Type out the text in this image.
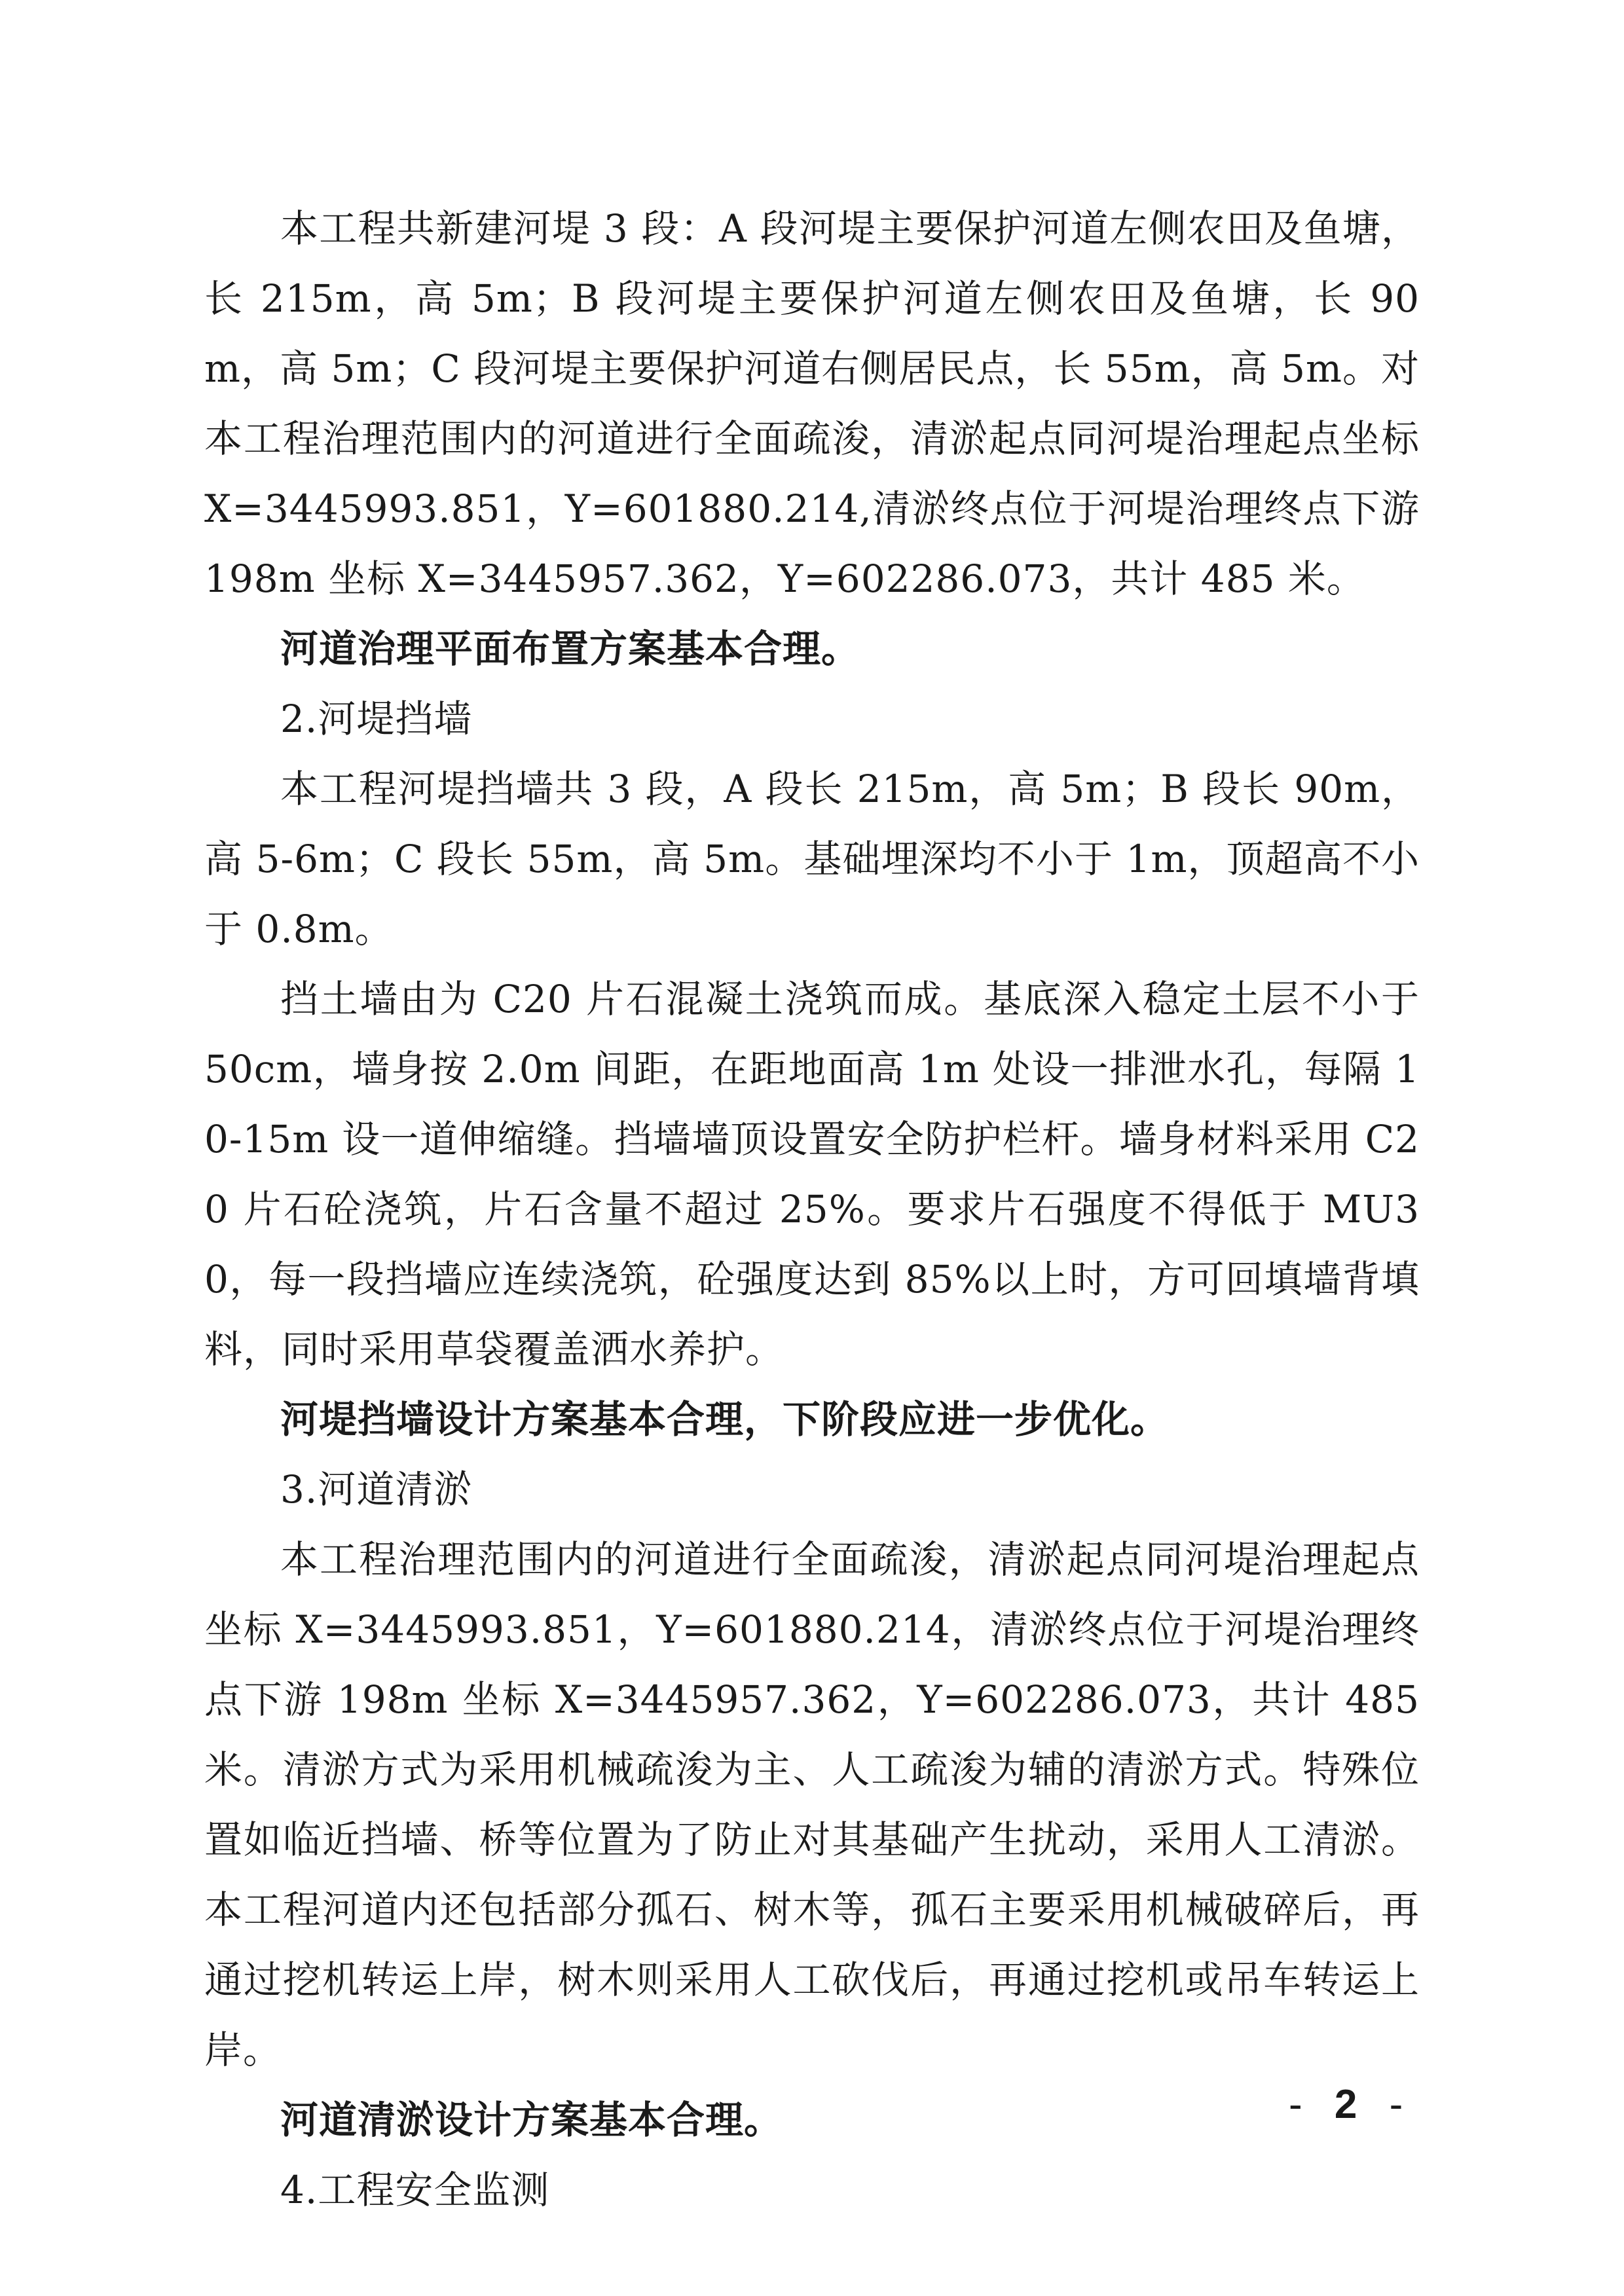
本工程共新建河堤 3 段：A 段河堤主要保护河道左侧农田及鱼塘，长 215m，高 5m；B 段河堤主要保护河道左侧农田及鱼塘，长 90m，高 5m；C 段河堤主要保护河道右侧居民点，长 55m，高 5m。对本工程治理范围内的河道进行全面疏浚，清淤起点同河堤治理起点坐标 X=3445993.851，Y=601880.214,清淤终点位于河堤治理终点下游 198m 坐标 X=3445957.362，Y=602286.073，共计 485 米。

河道治理平面布置方案基本合理。

2.河堤挡墙

本工程河堤挡墙共 3 段，A 段长 215m，高 5m；B 段长 90m，高 5-6m；C 段长 55m，高 5m。基础埋深均不小于 1m，顶超高不小于 0.8m。

挡土墙由为 C20 片石混凝土浇筑而成。基底深入稳定土层不小于 50cm，墙身按 2.0m 间距，在距地面高 1m 处设一排泄水孔，每隔 10-15m 设一道伸缩缝。挡墙墙顶设置安全防护栏杆。墙身材料采用 C20 片石砼浇筑，片石含量不超过 25%。要求片石强度不得低于 MU30，每一段挡墙应连续浇筑，砼强度达到 85%以上时，方可回填墙背填料，同时采用草袋覆盖洒水养护。

河堤挡墙设计方案基本合理，下阶段应进一步优化。

3.河道清淤

本工程治理范围内的河道进行全面疏浚，清淤起点同河堤治理起点坐标 X=3445993.851，Y=601880.214，清淤终点位于河堤治理终点下游 198m 坐标 X=3445957.362，Y=602286.073，共计 485 米。清淤方式为采用机械疏浚为主、人工疏浚为辅的清淤方式。特殊位置如临近挡墙、桥等位置为了防止对其基础产生扰动，采用人工清淤。本工程河道内还包括部分孤石、树木等，孤石主要采用机械破碎后，再通过挖机转运上岸，树木则采用人工砍伐后，再通过挖机或吊车转运上岸。

河道清淤设计方案基本合理。

4.工程安全监测

- 2 -
